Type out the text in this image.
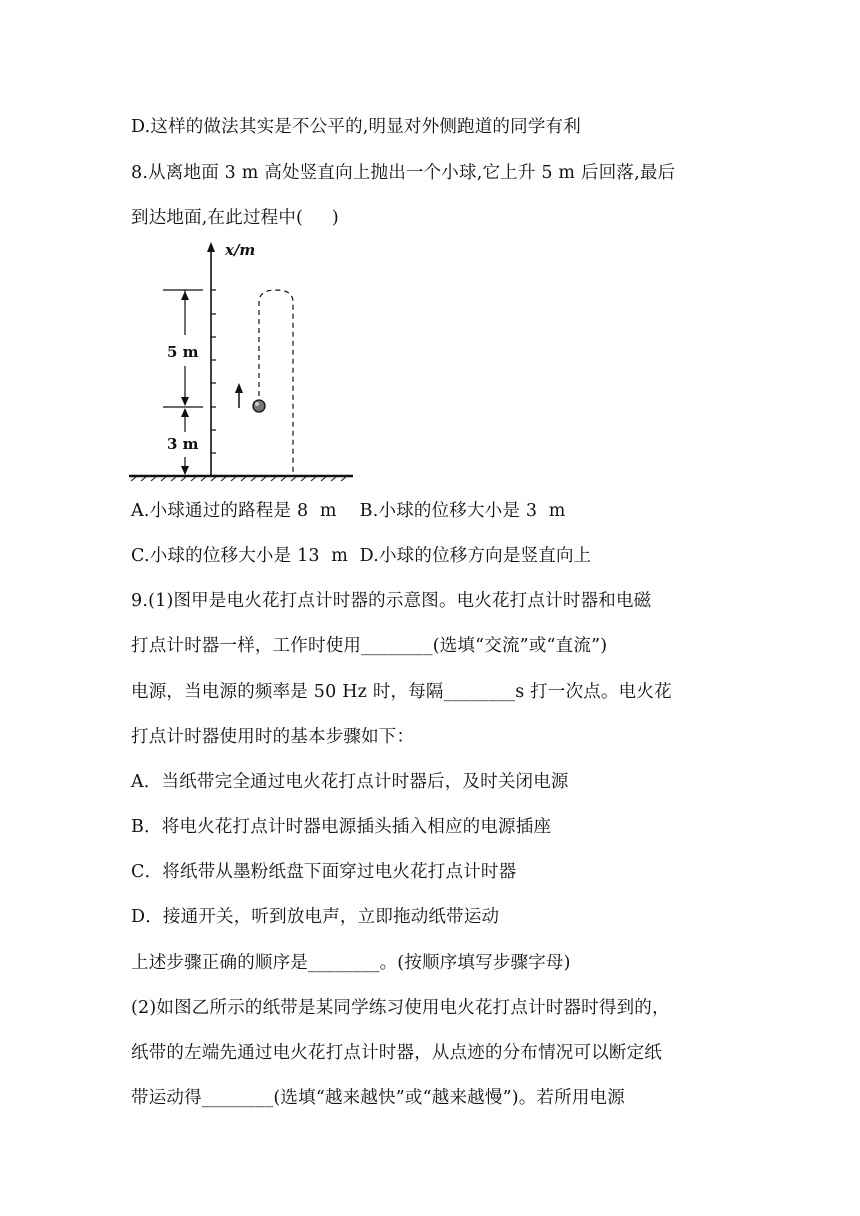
D.这样的做法其实是不公平的,明显对外侧跑道的同学有利
8.从离地面 3 m 高处竖直向上抛出一个小球,它上升 5 m 后回落,最后
到达地面,在此过程中(     )
A.小球通过的路程是 8  m    B.小球的位移大小是 3  m
C.小球的位移大小是 13  m  D.小球的位移方向是竖直向上
9.(1)图甲是电火花打点计时器的示意图。电火花打点计时器和电磁
打点计时器一样，工作时使用________(选填“交流”或“直流”)
电源，当电源的频率是 50 Hz 时，每隔________s 打一次点。电火花
打点计时器使用时的基本步骤如下：
A．当纸带完全通过电火花打点计时器后，及时关闭电源
B．将电火花打点计时器电源插头插入相应的电源插座
C．将纸带从墨粉纸盘下面穿过电火花打点计时器
D．接通开关，听到放电声，立即拖动纸带运动
上述步骤正确的顺序是________。(按顺序填写步骤字母)
(2)如图乙所示的纸带是某同学练习使用电火花打点计时器时得到的，
纸带的左端先通过电火花打点计时器，从点迹的分布情况可以断定纸
带运动得________(选填“越来越快”或“越来越慢”)。若所用电源
x/m
5 m
3 m
